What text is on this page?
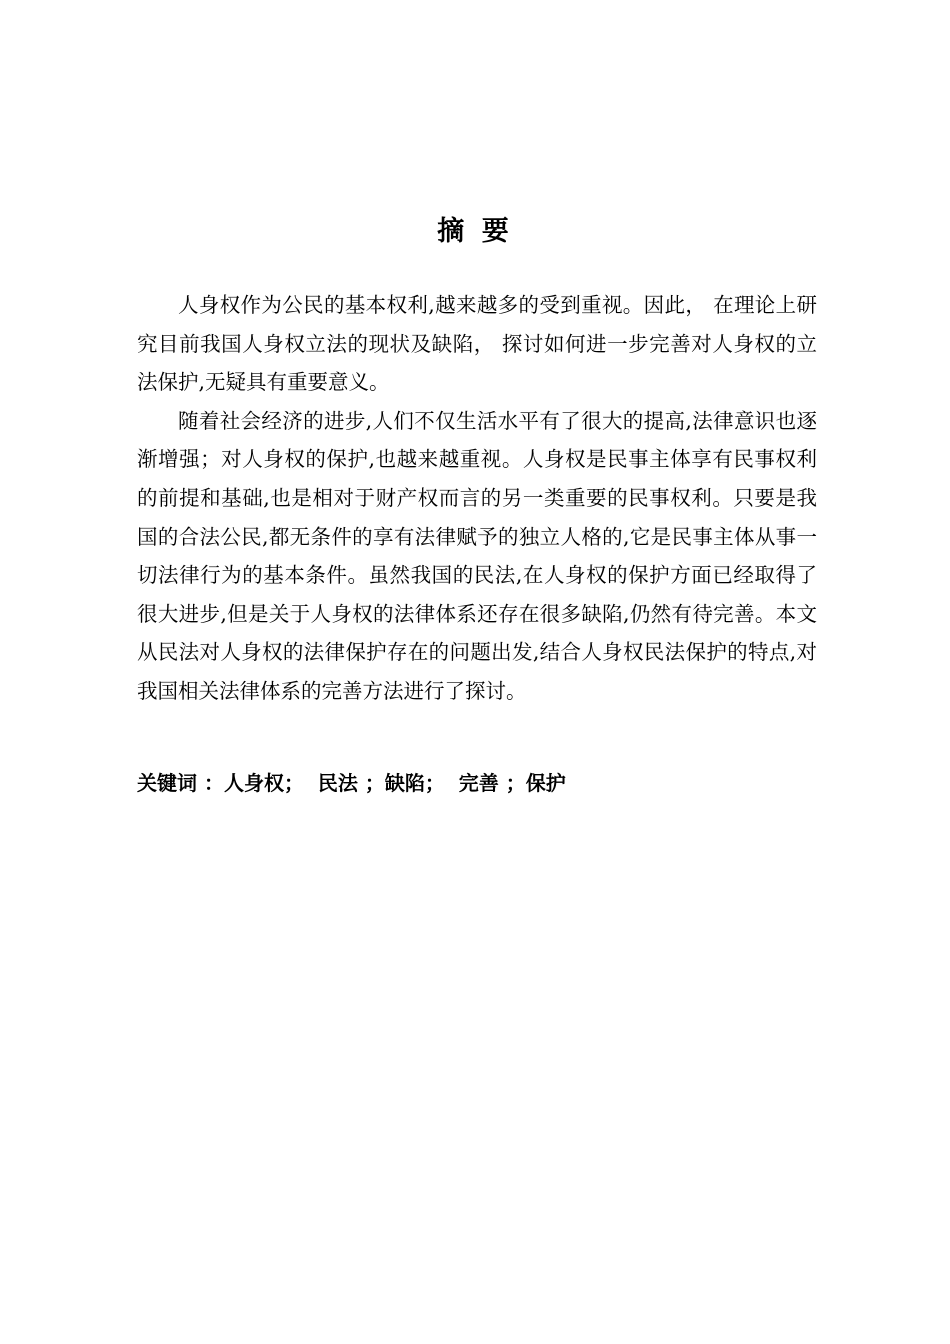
摘 要

人身权作为公民的基本权利,越来越多的受到重视。因此， 在理论上研究目前我国人身权立法的现状及缺陷， 探讨如何进一步完善对人身权的立法保护,无疑具有重要意义。

随着社会经济的进步,人们不仅生活水平有了很大的提高,法律意识也逐渐增强；对人身权的保护,也越来越重视。人身权是民事主体享有民事权利的前提和基础,也是相对于财产权而言的另一类重要的民事权利。只要是我国的合法公民,都无条件的享有法律赋予的独立人格的,它是民事主体从事一切法律行为的基本条件。虽然我国的民法,在人身权的保护方面已经取得了很大进步,但是关于人身权的法律体系还存在很多缺陷,仍然有待完善。本文从民法对人身权的法律保护存在的问题出发,结合人身权民法保护的特点,对我国相关法律体系的完善方法进行了探讨。

关键词 ：人身权；  民法 ；缺陷；  完善 ；保护
